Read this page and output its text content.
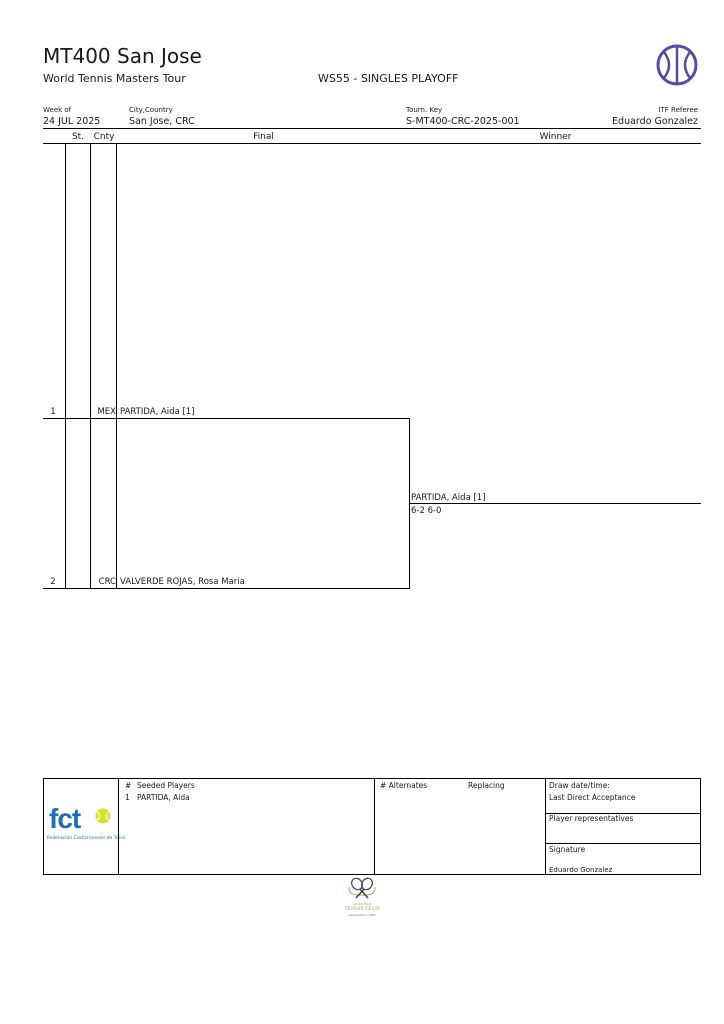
MT400 San Jose
World Tennis Masters Tour	WS55 - SINGLES PLAYOFF
Week of
24 JUL 2025
City,Country
San Jose, CRC
Tourn. Key
S-MT400-CRC-2025-001
ITF Referee
Eduardo Gonzalez
St.	Cnty	Final	Winner
1	MEX PARTIDA, Aida [1]
2	CRC VALVERDE ROJAS, Rosa Maria
PARTIDA, Aida [1]
6-2 6-0
fct
Federación Costarricense de Tenis
# Seeded Players
1 PARTIDA, Aida
# Alternates	Replacing	Draw date/time:
Last Direct Acceptance
Player representatives
Signature
Eduardo Gonzalez
Costa Rica
TENNIS CLUB
established in 1965
